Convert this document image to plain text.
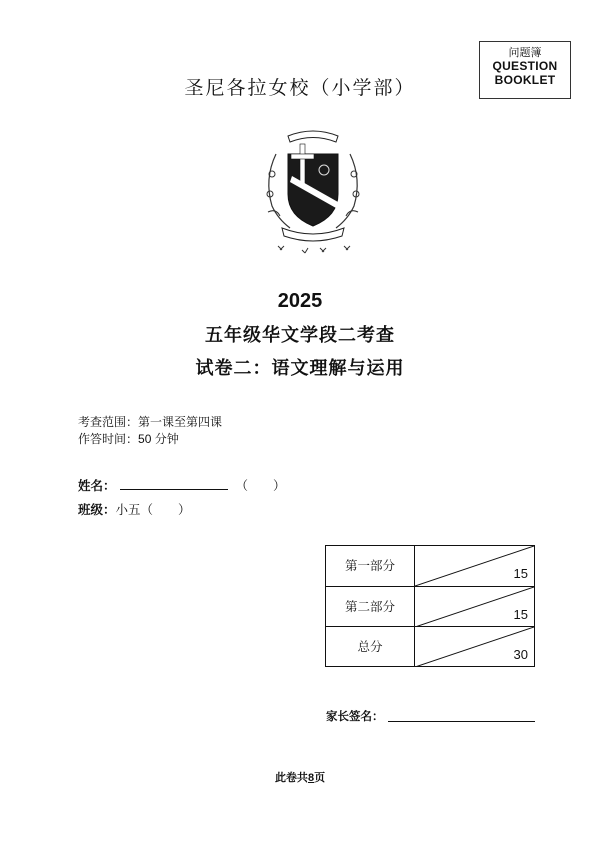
问题簿
QUESTION
BOOKLET
圣尼各拉女校（小学部）
2025
五年级华文学段二考查
试卷二：语文理解与运用
考查范围：第一课至第四课
作答时间：50 分钟
姓名：	（　　）
班级：小五（　　）
第一部分
15
第二部分
15
总分
30
家长签名：
此卷共8页
